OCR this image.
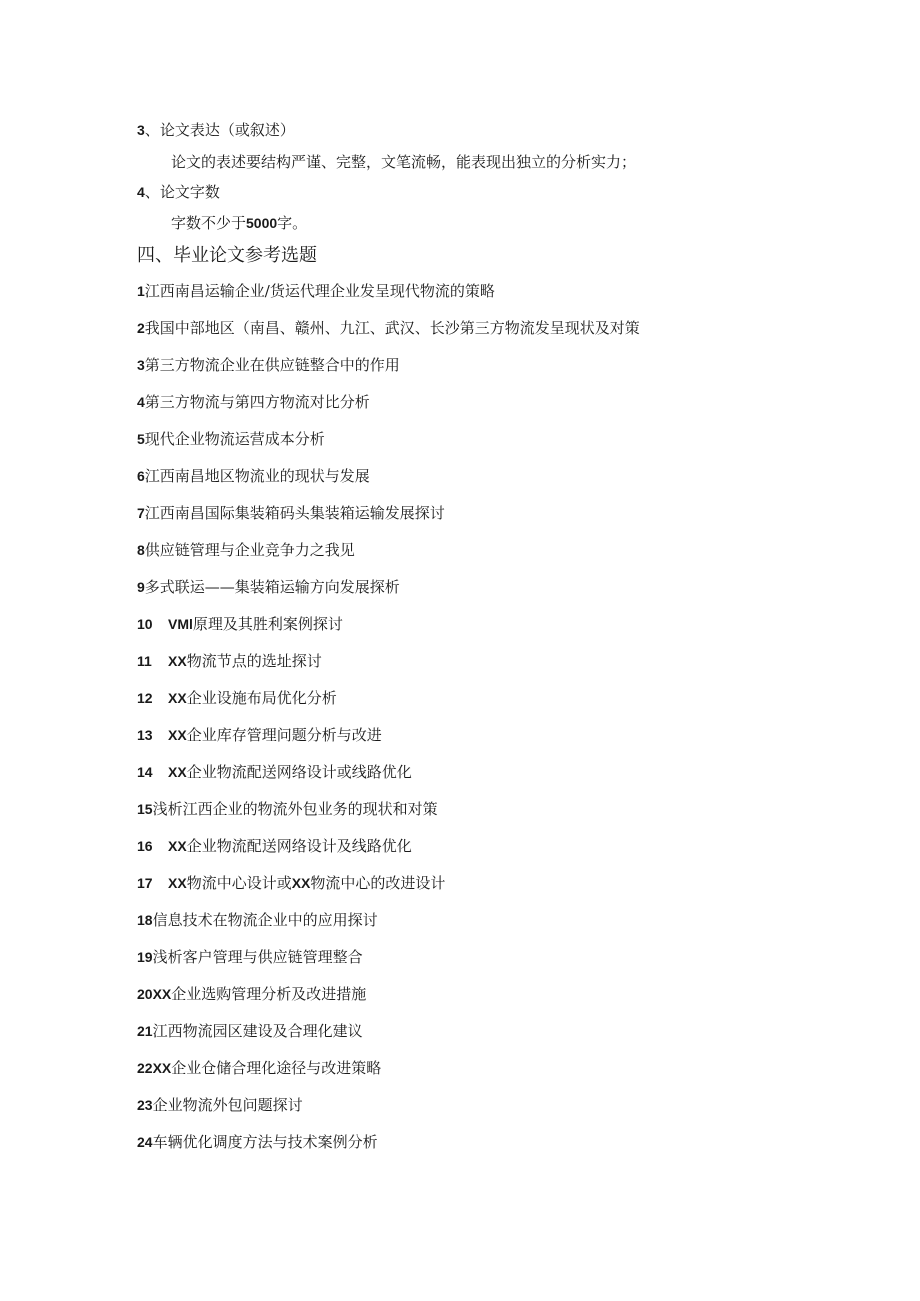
3、论文表达（或叙述）
论文的表述要结构严谨、完整，文笔流畅，能表现出独立的分析实力；
4、论文字数
字数不少于5000字。
四、毕业论文参考选题
1江西南昌运输企业/货运代理企业发呈现代物流的策略
2我国中部地区（南昌、赣州、九江、武汉、长沙第三方物流发呈现状及对策
3第三方物流企业在供应链整合中的作用
4第三方物流与第四方物流对比分析
5现代企业物流运营成本分析
6江西南昌地区物流业的现状与发展
7江西南昌国际集装箱码头集装箱运输发展探讨
8供应链管理与企业竞争力之我见
9多式联运——集装箱运输方向发展探析
10 VMl原理及其胜利案例探讨
11 XX物流节点的选址探讨
12 XX企业设施布局优化分析
13 XX企业库存管理问题分析与改进
14 XX企业物流配送网络设计或线路优化
15浅析江西企业的物流外包业务的现状和对策
16 XX企业物流配送网络设计及线路优化
17 XX物流中心设计或XX物流中心的改进设计
18信息技术在物流企业中的应用探讨
19浅析客户管理与供应链管理整合
20XX企业选购管理分析及改进措施
21江西物流园区建设及合理化建议
22XX企业仓储合理化途径与改进策略
23企业物流外包问题探讨
24车辆优化调度方法与技术案例分析
